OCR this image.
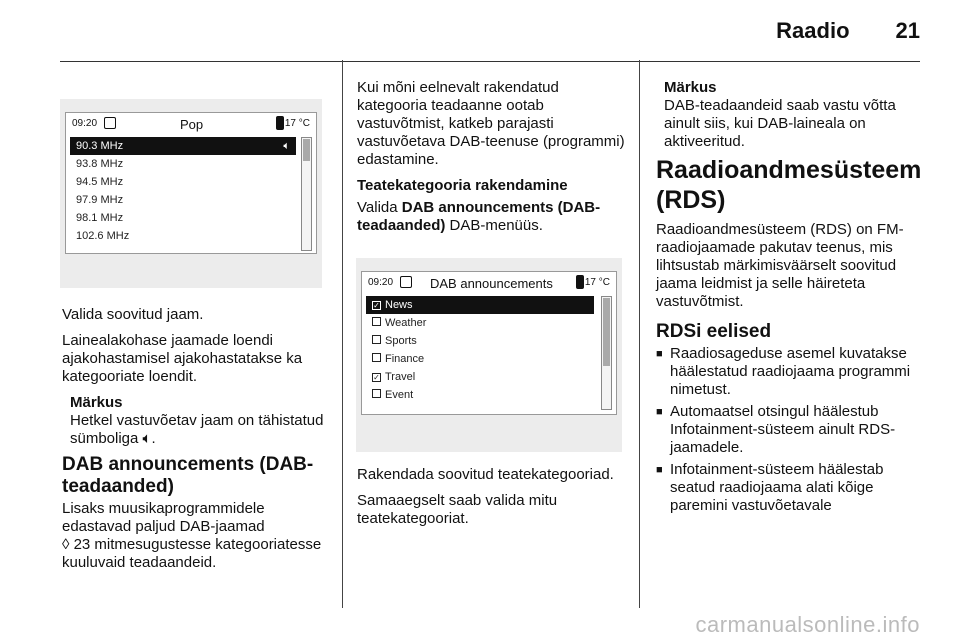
Raadio 21
09:20	Pop	17 °C
90.3 MHz	🔈︎
93.8 MHz
94.5 MHz
97.9 MHz
98.1 MHz
102.6 MHz

Valida soovitud jaam.

Lainealakohase jaamade loendi ajakohastamisel ajakohastatakse ka kategooriate loendit.

Märkus
Hetkel vastuvõetav jaam on tähistatud sümboliga 🔈︎.
DAB announcements (DAB-teadaanded)
Lisaks muusikaprogrammidele edastavad paljud DAB-jaamad
◊ 23 mitmesugustesse kategooriatesse kuuluvaid teadaandeid.

Kui mõni eelnevalt rakendatud kategooria teadaanne ootab vastuvõtmist, katkeb parajasti vastuvõetava DAB-teenuse (programmi) edastamine.

Teatekategooria rakendamine

Valida DAB announcements (DAB-teadaanded) DAB-menüüs.

09:20	DAB announcements	17 °C
✓ News
Weather
Sports
Finance
✓ Travel
Event

Rakendada soovitud teatekategooriad.

Samaaegselt saab valida mitu teatekategooriat.

Märkus
DAB-teadaandeid saab vastu võtta ainult siis, kui DAB-laineala on aktiveeritud.
Raadioandmesüsteem (RDS)

Raadioandmesüsteem (RDS) on FM-raadiojaamade pakutav teenus, mis lihtsustab märkimisväärselt soovitud jaama leidmist ja selle häireteta vastuvõtmist.

RDSi eelised
■ Raadiosageduse asemel kuvatakse häälestatud raadiojaama programmi nimetust.
■ Automaatsel otsingul häälestub Infotainment-süsteem ainult RDS-jaamadele.
■ Infotainment-süsteem häälestab seatud raadiojaama alati kõige paremini vastuvõetavale
carmanualsonline.info
